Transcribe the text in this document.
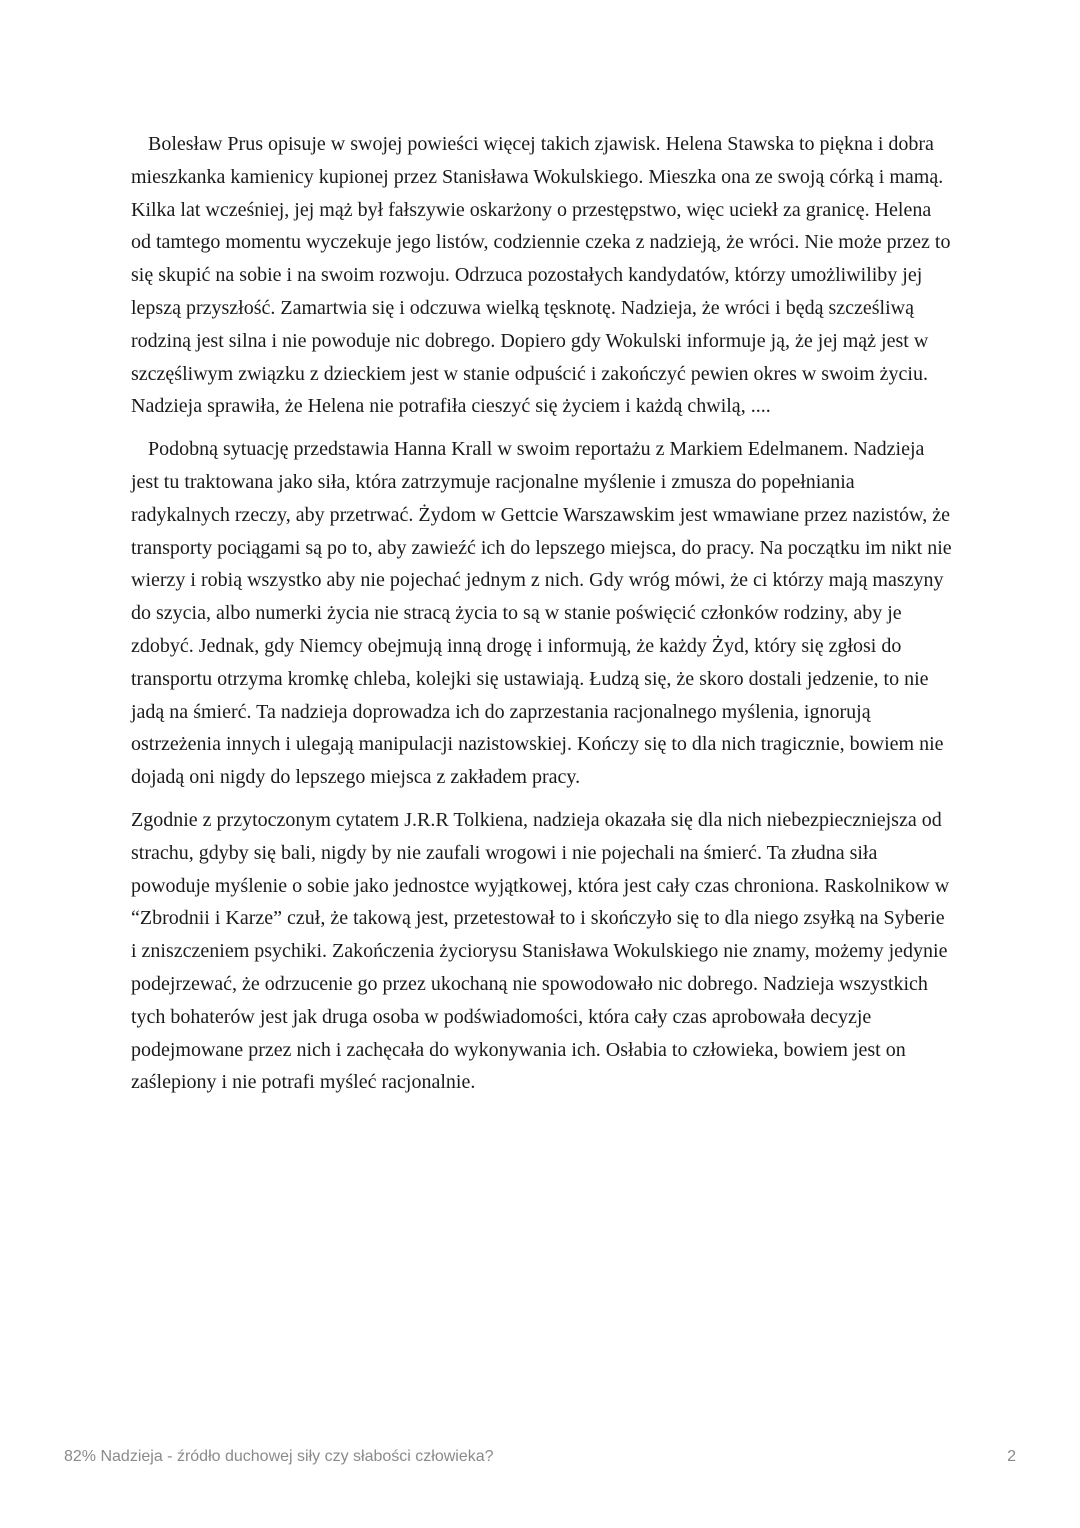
Bolesław Prus opisuje w swojej powieści więcej takich zjawisk. Helena Stawska to piękna i dobra mieszkanka kamienicy kupionej przez Stanisława Wokulskiego. Mieszka ona ze swoją córką i mamą. Kilka lat wcześniej, jej mąż był fałszywie oskarżony o przestępstwo, więc uciekł za granicę. Helena od tamtego momentu wyczekuje jego listów, codziennie czeka z nadzieją, że wróci. Nie może przez to się skupić na sobie i na swoim rozwoju. Odrzuca pozostałych kandydatów, którzy umożliwiliby jej lepszą przyszłość. Zamartwia się i odczuwa wielką tęsknotę. Nadzieja, że wróci i będą szcześliwą rodziną jest silna i nie powoduje nic dobrego. Dopiero gdy Wokulski informuje ją, że jej mąż jest w szczęśliwym związku z dzieckiem jest w stanie odpuścić i zakończyć pewien okres w swoim życiu. Nadzieja sprawiła, że Helena nie potrafiła cieszyć się życiem i każdą chwilą, ....

Podobną sytuację przedstawia Hanna Krall w swoim reportażu z Markiem Edelmanem. Nadzieja jest tu traktowana jako siła, która zatrzymuje racjonalne myślenie i zmusza do popełniania radykalnych rzeczy, aby przetrwać. Żydom w Gettcie Warszawskim jest wmawiane przez nazistów, że transporty pociągami są po to, aby zawieźć ich do lepszego miejsca, do pracy. Na początku im nikt nie wierzy i robią wszystko aby nie pojechać jednym z nich. Gdy wróg mówi, że ci którzy mają maszyny do szycia, albo numerki życia nie stracą życia to są w stanie poświęcić członków rodziny, aby je zdobyć. Jednak, gdy Niemcy obejmują inną drogę i informują, że każdy Żyd, który się zgłosi do transportu otrzyma kromkę chleba, kolejki się ustawiają. Łudzą się, że skoro dostali jedzenie, to nie jadą na śmierć. Ta nadzieja doprowadza ich do zaprzestania racjonalnego myślenia, ignorują ostrzeżenia innych i ulegają manipulacji nazistowskiej. Kończy się to dla nich tragicznie, bowiem nie dojadą oni nigdy do lepszego miejsca z zakładem pracy.

Zgodnie z przytoczonym cytatem J.R.R Tolkiena, nadzieja okazała się dla nich niebezpieczniejsza od strachu, gdyby się bali, nigdy by nie zaufali wrogowi i nie pojechali na śmierć. Ta złudna siła powoduje myślenie o sobie jako jednostce wyjątkowej, która jest cały czas chroniona. Raskolnikow w “Zbrodnii i Karze” czuł, że takową jest, przetestował to i skończyło się to dla niego zsyłką na Syberie i zniszczeniem psychiki. Zakończenia życiorysu Stanisława Wokulskiego nie znamy, możemy jedynie podejrzewać, że odrzucenie go przez ukochaną nie spowodowało nic dobrego. Nadzieja wszystkich tych bohaterów jest jak druga osoba w podświadomości, która cały czas aprobowała decyzje podejmowane przez nich i zachęcała do wykonywania ich. Osłabia to człowieka, bowiem jest on zaślepiony i nie potrafi myśleć racjonalnie.

82% Nadzieja - źródło duchowej siły czy słabości człowieka?	2
